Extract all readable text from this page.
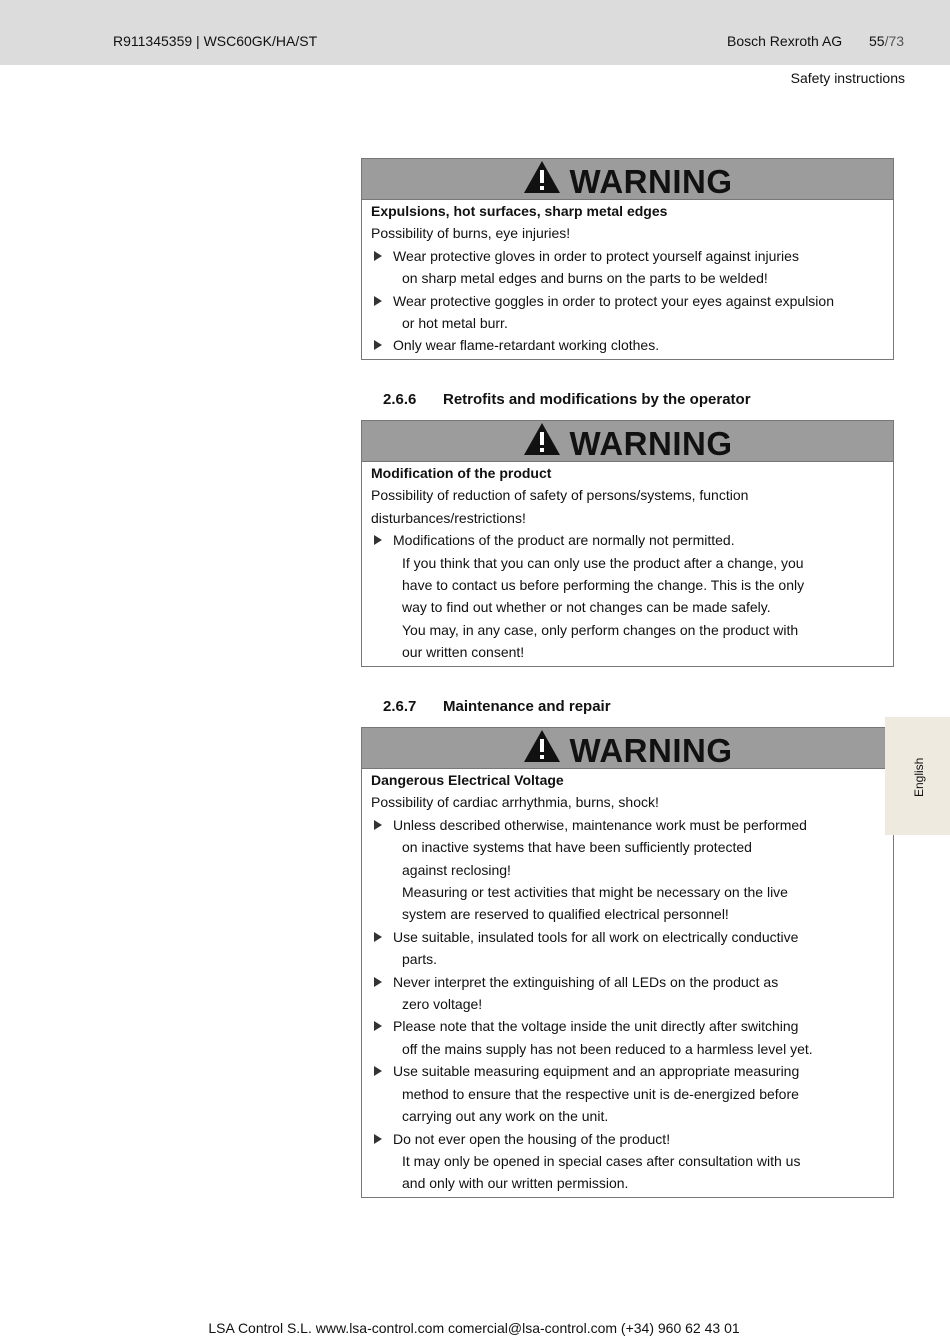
R911345359 | WSC60GK/HA/ST	Bosch Rexroth AG 55/73
Safety instructions
WARNING
Expulsions, hot surfaces, sharp metal edges
Possibility of burns, eye injuries!
Wear protective gloves in order to protect yourself against injuries
on sharp metal edges and burns on the parts to be welded!
Wear protective goggles in order to protect your eyes against expulsion
or hot metal burr.
Only wear flame-retardant working clothes.
2.6.6 Retrofits and modifications by the operator
WARNING
Modification of the product
Possibility of reduction of safety of persons/systems, function
disturbances/restrictions!
Modifications of the product are normally not permitted.
If you think that you can only use the product after a change, you
have to contact us before performing the change. This is the only
way to find out whether or not changes can be made safely.
You may, in any case, only perform changes on the product with
our written consent!
2.6.7 Maintenance and repair
WARNING
Dangerous Electrical Voltage
Possibility of cardiac arrhythmia, burns, shock!
Unless described otherwise, maintenance work must be performed
on inactive systems that have been sufficiently protected
against reclosing!
Measuring or test activities that might be necessary on the live
system are reserved to qualified electrical personnel!
Use suitable, insulated tools for all work on electrically conductive
parts.
Never interpret the extinguishing of all LEDs on the product as
zero voltage!
Please note that the voltage inside the unit directly after switching
off the mains supply has not been reduced to a harmless level yet.
Use suitable measuring equipment and an appropriate measuring
method to ensure that the respective unit is de-energized before
carrying out any work on the unit.
Do not ever open the housing of the product!
It may only be opened in special cases after consultation with us
and only with our written permission.
English
LSA Control S.L. www.lsa-control.com comercial@lsa-control.com (+34) 960 62 43 01
